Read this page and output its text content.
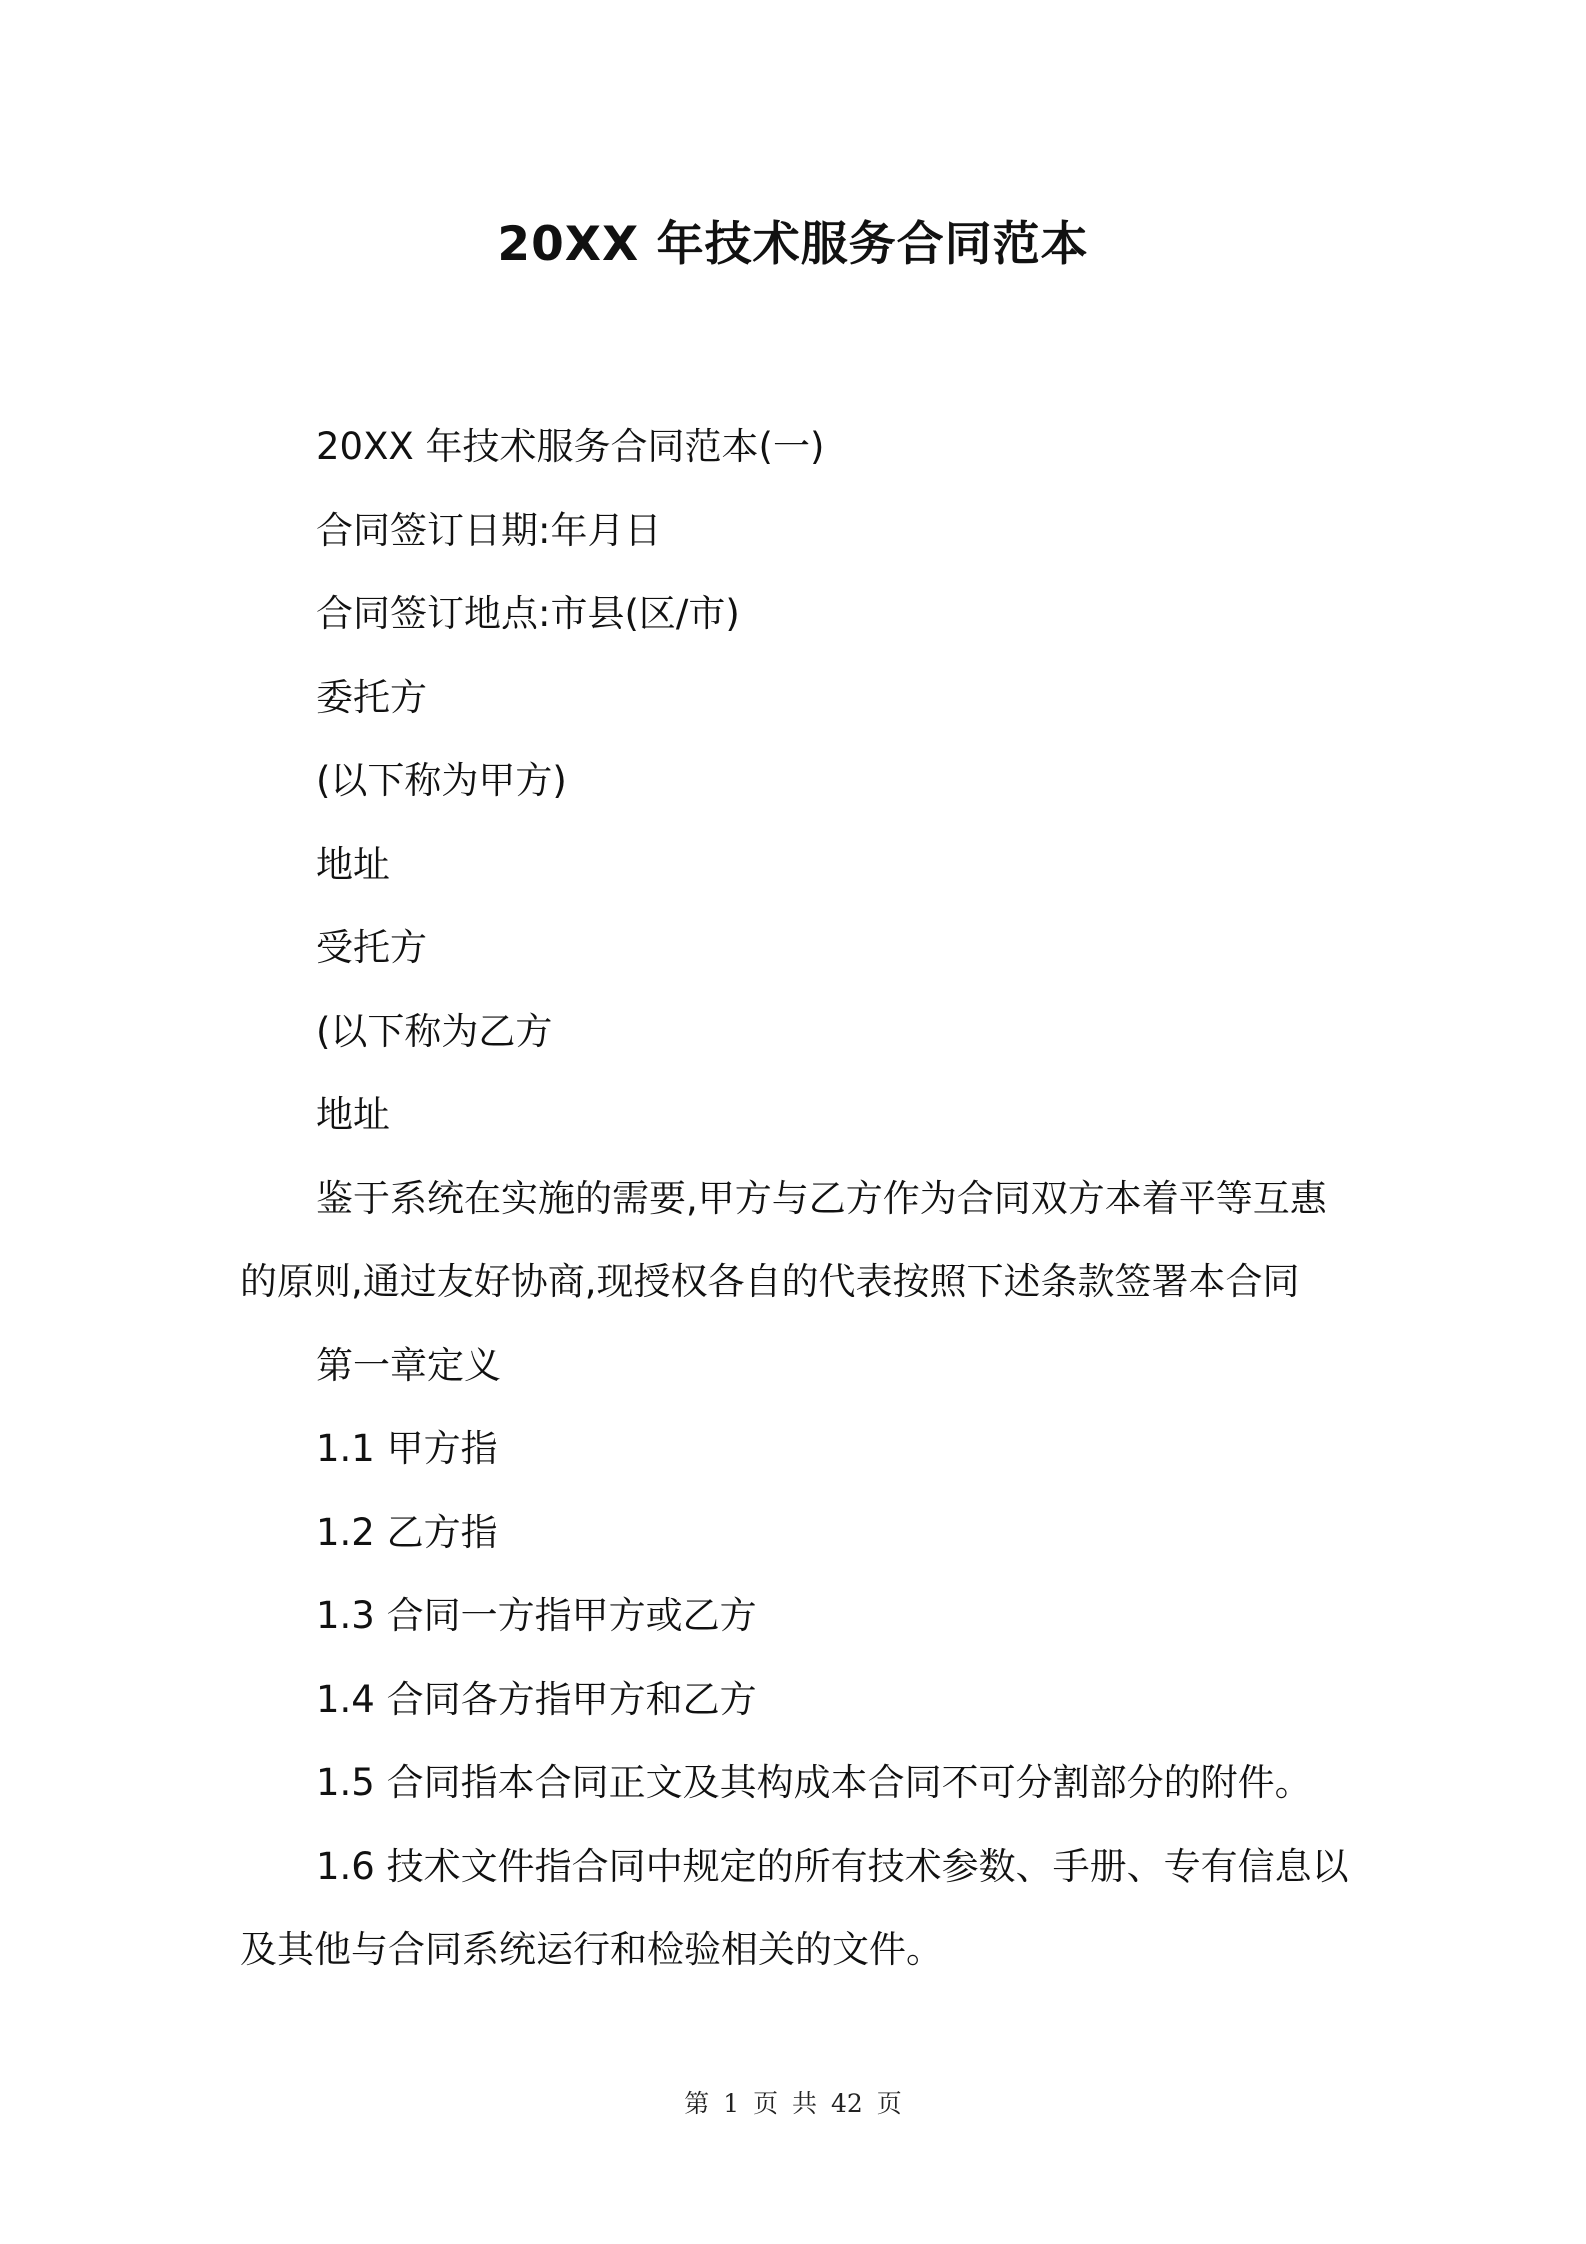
20XX 年技术服务合同范本

20XX 年技术服务合同范本(一)

合同签订日期:年月日

合同签订地点:市县(区/市)

委托方

(以下称为甲方)

地址

受托方

(以下称为乙方

地址

鉴于系统在实施的需要,甲方与乙方作为合同双方本着平等互惠
的原则,通过友好协商,现授权各自的代表按照下述条款签署本合同

第一章定义

1.1 甲方指

1.2 乙方指

1.3 合同一方指甲方或乙方

1.4 合同各方指甲方和乙方

1.5 合同指本合同正文及其构成本合同不可分割部分的附件。

1.6 技术文件指合同中规定的所有技术参数、手册、专有信息以
及其他与合同系统运行和检验相关的文件。

第 1 页 共 42 页
